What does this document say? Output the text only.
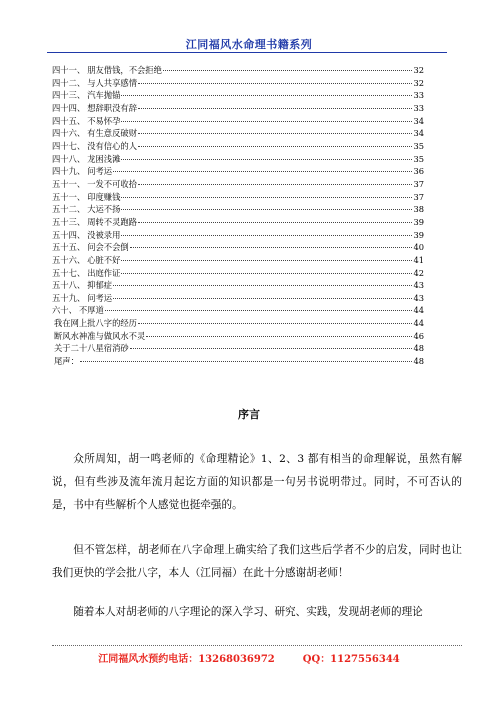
江同福风水命理书籍系列
四十一、 朋友借钱，不会拒绝	32
四十二、 与人共享感情	32
四十三、 汽车抛锚	33
四十四、 想辞职没有辞	33
四十五、 不易怀孕	34
四十六、 有生意反破财	34
四十七、 没有信心的人	35
四十八、 龙困浅滩	35
四十九、 问考运	36
五十一、 一发不可收拾	37
五十一、 印度赚钱	37
五十二、 大运不扬	38
五十三、 周转不灵跑路	39
五十四、 没被录用	39
五十五、 问会不会倒	40
五十六、 心脏不好	41
五十七、 出庭作证	42
五十八、 抑郁症	43
五十九、 问考运	43
六十、 不厚道	44
我在网上批八字的经历	44
断风水神准与做风水不灵	46
关于二十八星宿消砂	48
尾声：	48
序言

众所周知，胡一鸣老师的《命理精论》1、2、3 都有相当的命理解说，虽然有解说，但有些涉及流年流月起讫方面的知识都是一句另书说明带过。同时，不可否认的是，书中有些解析个人感觉也挺牵强的。

但不管怎样，胡老师在八字命理上确实给了我们这些后学者不少的启发，同时也让我们更快的学会批八字，本人（江同福）在此十分感谢胡老师！

随着本人对胡老师的八字理论的深入学习、研究、实践，发现胡老师的理论

江同福风水预约电话：13268036972	QQ：1127556344
